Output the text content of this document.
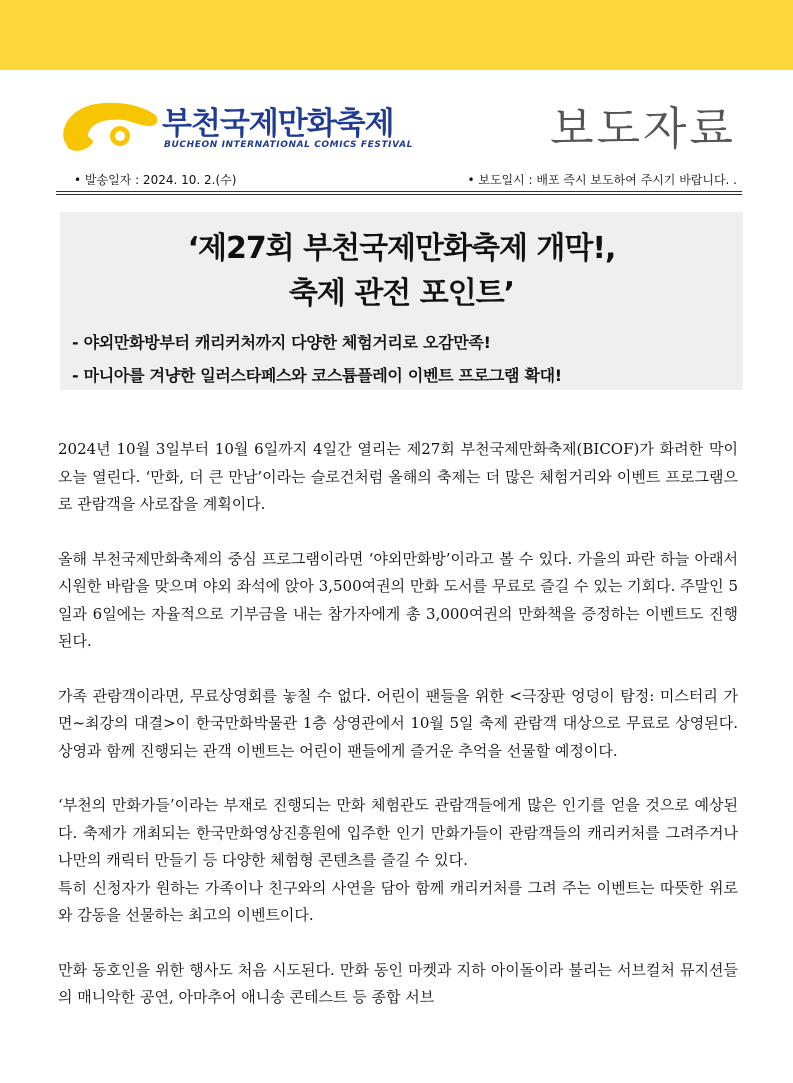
부천국제만화축제
BUCHEON INTERNATIONAL COMICS FESTIVAL	보도자료
• 발송일자 : 2024. 10. 2.(수)	• 보도일시 : 배포 즉시 보도하여 주시기 바랍니다. .
‘제27회 부천국제만화축제 개막!,
축제 관전 포인트’
- 야외만화방부터 캐리커처까지 다양한 체험거리로 오감만족!
- 마니아를 겨냥한 일러스타페스와 코스튬플레이 이벤트 프로그램 확대!

2024년 10월 3일부터 10월 6일까지 4일간 열리는 제27회 부천국제만화축제(BICOF)가 화려한 막이 오늘 열린다. ‘만화, 더 큰 만남’이라는 슬로건처럼 올해의 축제는 더 많은 체험거리와 이벤트 프로그램으로 관람객을 사로잡을 계획이다.

올해 부천국제만화축제의 중심 프로그램이라면 ‘야외만화방’이라고 볼 수 있다. 가을의 파란 하늘 아래서 시원한 바람을 맞으며 야외 좌석에 앉아 3,500여권의 만화 도서를 무료로 즐길 수 있는 기회다. 주말인 5일과 6일에는 자율적으로 기부금을 내는 참가자에게 총 3,000여권의 만화책을 증정하는 이벤트도 진행된다.

가족 관람객이라면, 무료상영회를 놓칠 수 없다. 어린이 팬들을 위한 <극장판 엉덩이 탐정: 미스터리 가면~최강의 대결>이 한국만화박물관 1층 상영관에서 10월 5일 축제 관람객 대상으로 무료로 상영된다. 상영과 함께 진행되는 관객 이벤트는 어린이 팬들에게 즐거운 추억을 선물할 예정이다.

‘부천의 만화가들’이라는 부재로 진행되는 만화 체험관도 관람객들에게 많은 인기를 얻을 것으로 예상된다. 축제가 개최되는 한국만화영상진흥원에 입주한 인기 만화가들이 관람객들의 캐리커처를 그려주거나 나만의 캐릭터 만들기 등 다양한 체험형 콘텐츠를 즐길 수 있다.

특히 신청자가 원하는 가족이나 친구와의 사연을 담아 함께 캐리커처를 그려 주는 이벤트는 따뜻한 위로와 감동을 선물하는 최고의 이벤트이다.

만화 동호인을 위한 행사도 처음 시도된다. 만화 동인 마켓과 지하 아이돌이라 불리는 서브컬처 뮤지션들의 매니악한 공연, 아마추어 애니송 콘테스트 등 종합 서브
